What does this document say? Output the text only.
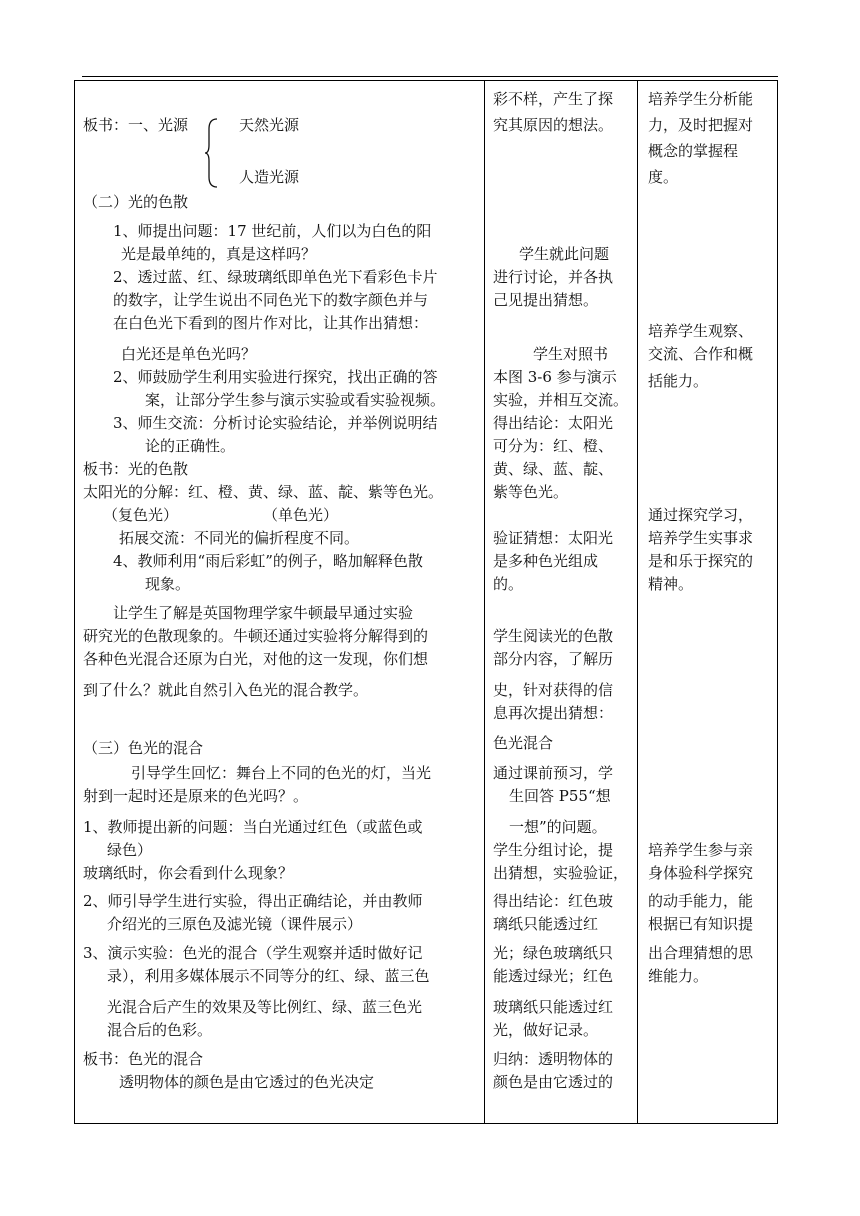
板书：一、光源	天然光源
人造光源
（二）光的色散
1、师提出问题：17 世纪前，人们以为白色的阳
光是最单纯的，真是这样吗？
2、透过蓝、红、绿玻璃纸即单色光下看彩色卡片
的数字，让学生说出不同色光下的数字颜色并与
在白色光下看到的图片作对比，让其作出猜想：
白光还是单色光吗？
2、师鼓励学生利用实验进行探究，找出正确的答
案，让部分学生参与演示实验或看实验视频。
3、师生交流：分析讨论实验结论，并举例说明结
论的正确性。
板书：光的色散
太阳光的分解：红、橙、黄、绿、蓝、靛、紫等色光。
（复色光）	（单色光）
拓展交流：不同光的偏折程度不同。
4、教师利用“雨后彩虹”的例子，略加解释色散
现象。
让学生了解是英国物理学家牛顿最早通过实验
研究光的色散现象的。牛顿还通过实验将分解得到的
各种色光混合还原为白光，对他的这一发现，你们想
到了什么？就此自然引入色光的混合教学。
（三）色光的混合
引导学生回忆：舞台上不同的色光的灯，当光
射到一起时还是原来的色光吗？。
1、教师提出新的问题：当白光通过红色（或蓝色或
绿色）
玻璃纸时，你会看到什么现象？
2、师引导学生进行实验，得出正确结论，并由教师
介绍光的三原色及滤光镜（课件展示）
3、演示实验：色光的混合（学生观察并适时做好记
录），利用多媒体展示不同等分的红、绿、蓝三色
光混合后产生的效果及等比例红、绿、蓝三色光
混合后的色彩。
板书：色光的混合
透明物体的颜色是由它透过的色光决定
彩不样，产生了探
究其原因的想法。
学生就此问题
进行讨论，并各执
己见提出猜想。
学生对照书
本图 3-6 参与演示
实验，并相互交流。
得出结论：太阳光
可分为：红、橙、
黄、绿、蓝、靛、
紫等色光。
验证猜想：太阳光
是多种色光组成
的。
学生阅读光的色散
部分内容，了解历
史，针对获得的信
息再次提出猜想：
色光混合
通过课前预习，学
生回答 P55“想
一想”的问题。
学生分组讨论，提
出猜想，实验验证，
得出结论：红色玻
璃纸只能透过红
光；绿色玻璃纸只
能透过绿光；红色
玻璃纸只能透过红
光，做好记录。
归纳：透明物体的
颜色是由它透过的
培养学生分析能
力，及时把握对
概念的掌握程
度。
培养学生观察、
交流、合作和概
括能力。
通过探究学习，
培养学生实事求
是和乐于探究的
精神。
培养学生参与亲
身体验科学探究
的动手能力，能
根据已有知识提
出合理猜想的思
维能力。
